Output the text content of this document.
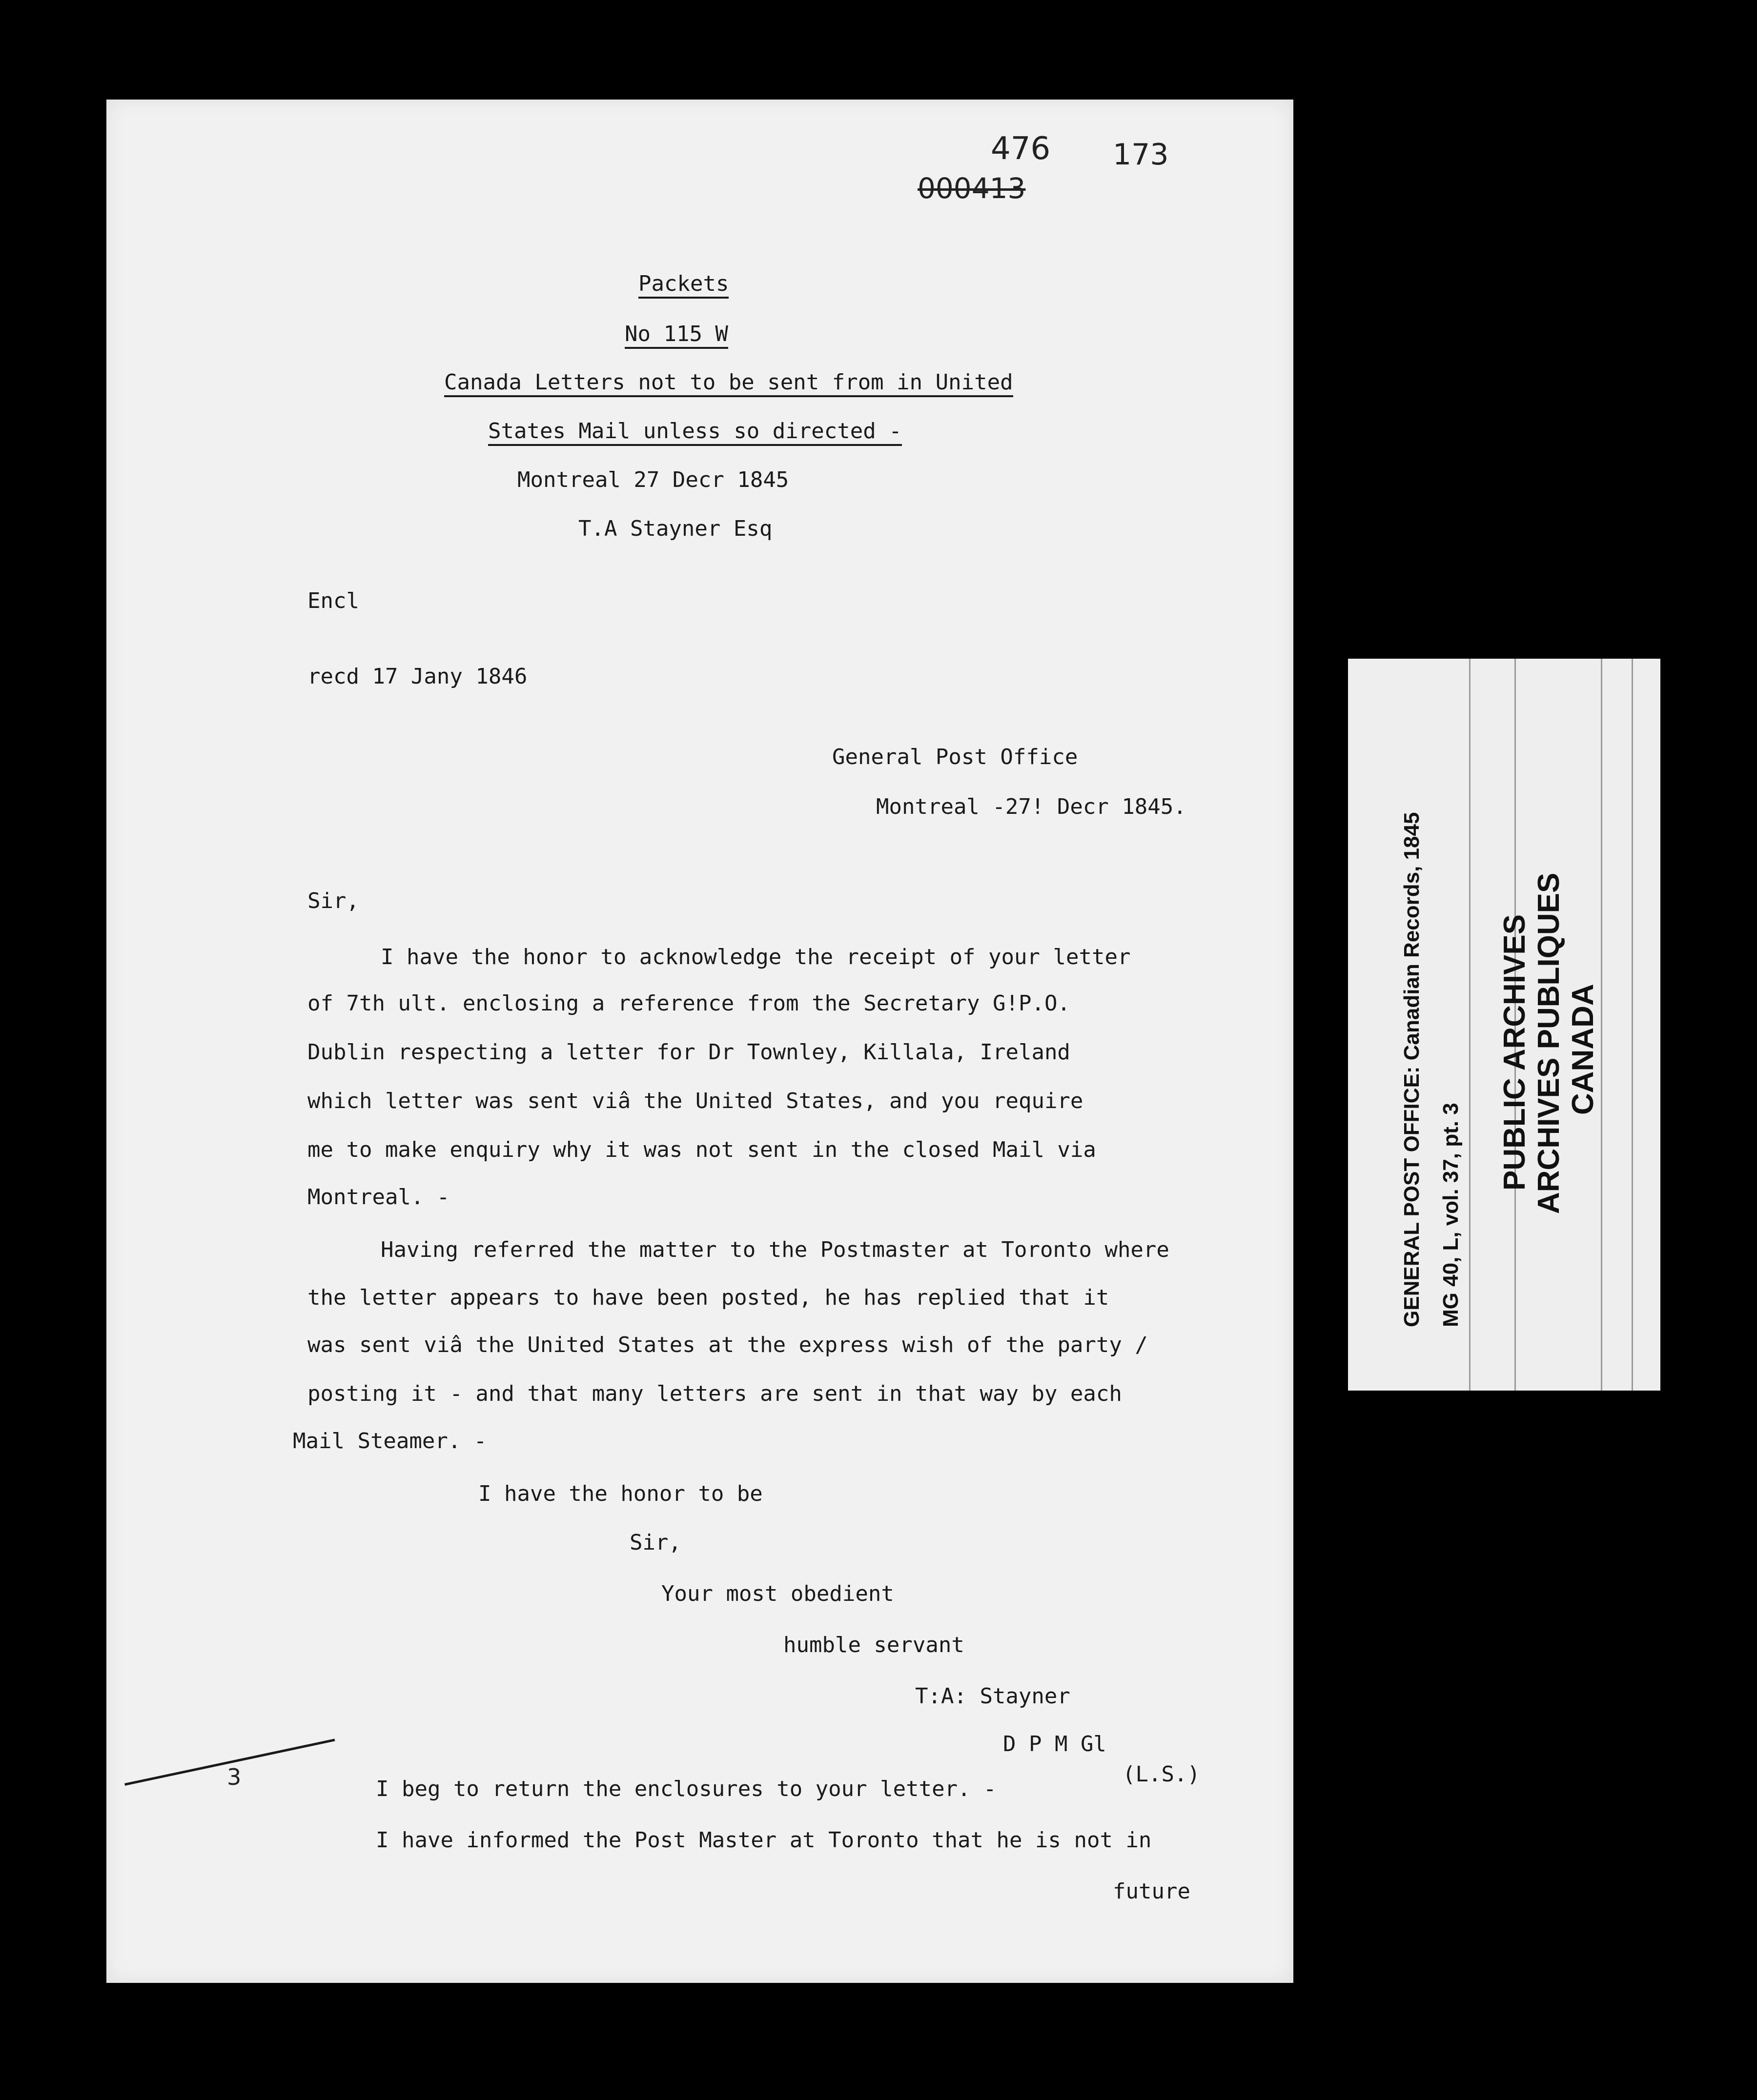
476 173
000413
Packets
No 115 W
Canada Letters not to be sent from in United
States Mail unless so directed -
Montreal 27 Decr 1845
T.A Stayner Esq
Encl
recd 17 Jany 1846
General Post Office
Montreal -27! Decr 1845.
Sir,
I have the honor to acknowledge the receipt of your letter
of 7th ult. enclosing a reference from the Secretary G!P.O.
Dublin respecting a letter for Dr Townley, Killala, Ireland
which letter was sent viâ the United States, and you require
me to make enquiry why it was not sent in the closed Mail via
Montreal. -
Having referred the matter to the Postmaster at Toronto where
the letter appears to have been posted, he has replied that it
was sent viâ the United States at the express wish of the party /
posting it - and that many letters are sent in that way by each
Mail Steamer. -
I have the honor to be
Sir,
Your most obedient
humble servant
T:A: Stayner
D P M Gl
(L.S.)
3	I beg to return the enclosures to your letter. -
I have informed the Post Master at Toronto that he is not in
future
GENERAL POST OFFICE: Canadian Records, 1845 MG 40, L, vol. 37, pt. 3
PUBLIC ARCHIVES ARCHIVES PUBLIQUES CANADA
